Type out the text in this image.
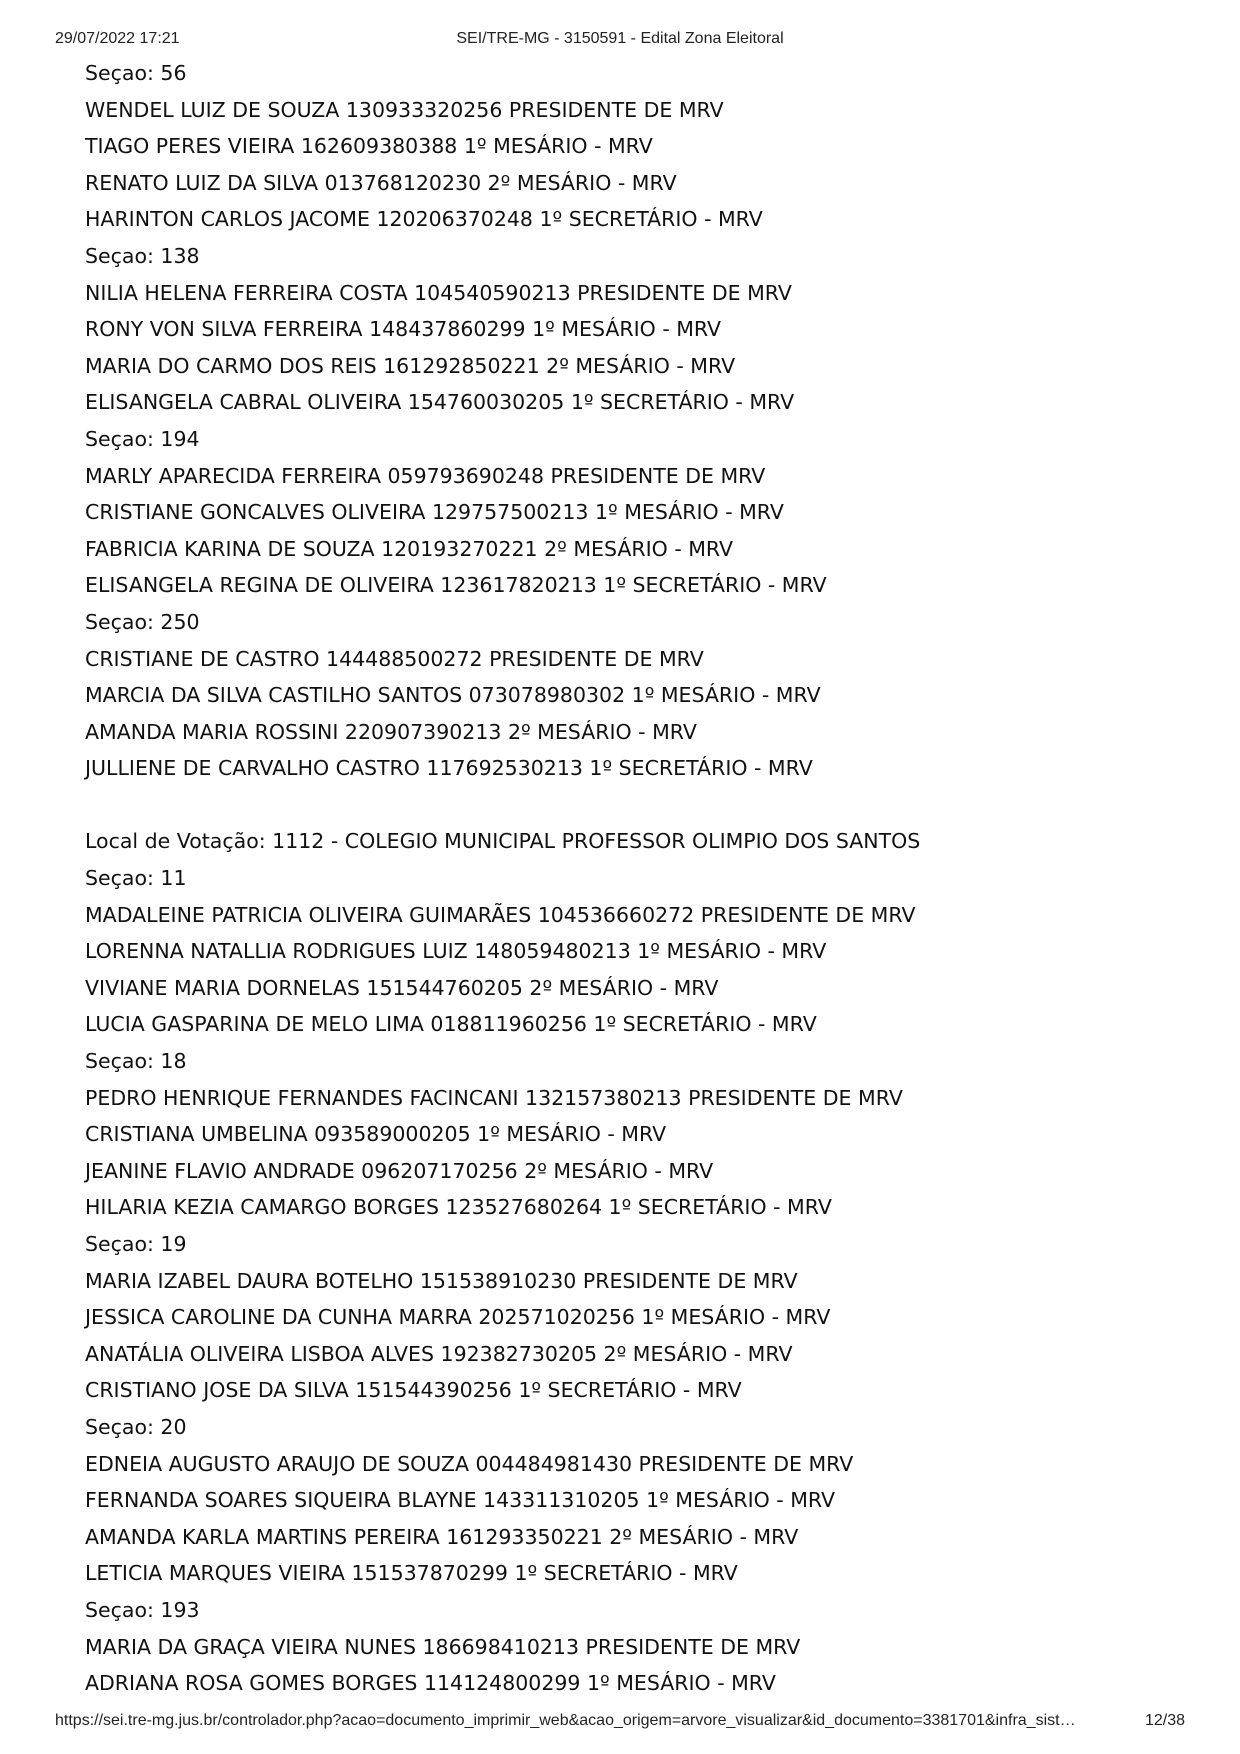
29/07/2022 17:21	SEI/TRE-MG - 3150591 - Edital Zona Eleitoral
Seçao: 56
WENDEL LUIZ DE SOUZA 130933320256 PRESIDENTE DE MRV
TIAGO PERES VIEIRA 162609380388 1º MESÁRIO - MRV
RENATO LUIZ DA SILVA 013768120230 2º MESÁRIO - MRV
HARINTON CARLOS JACOME 120206370248 1º SECRETÁRIO - MRV
Seçao: 138
NILIA HELENA FERREIRA COSTA 104540590213 PRESIDENTE DE MRV
RONY VON SILVA FERREIRA 148437860299 1º MESÁRIO - MRV
MARIA DO CARMO DOS REIS 161292850221 2º MESÁRIO - MRV
ELISANGELA CABRAL OLIVEIRA 154760030205 1º SECRETÁRIO - MRV
Seçao: 194
MARLY APARECIDA FERREIRA 059793690248 PRESIDENTE DE MRV
CRISTIANE GONCALVES OLIVEIRA 129757500213 1º MESÁRIO - MRV
FABRICIA KARINA DE SOUZA 120193270221 2º MESÁRIO - MRV
ELISANGELA REGINA DE OLIVEIRA 123617820213 1º SECRETÁRIO - MRV
Seçao: 250
CRISTIANE DE CASTRO 144488500272 PRESIDENTE DE MRV
MARCIA DA SILVA CASTILHO SANTOS 073078980302 1º MESÁRIO - MRV
AMANDA MARIA ROSSINI 220907390213 2º MESÁRIO - MRV
JULLIENE DE CARVALHO CASTRO 117692530213 1º SECRETÁRIO - MRV
Local de Votação: 1112 - COLEGIO MUNICIPAL PROFESSOR OLIMPIO DOS SANTOS
Seçao: 11
MADALEINE PATRICIA OLIVEIRA GUIMARÃES 104536660272 PRESIDENTE DE MRV
LORENNA NATALLIA RODRIGUES LUIZ 148059480213 1º MESÁRIO - MRV
VIVIANE MARIA DORNELAS 151544760205 2º MESÁRIO - MRV
LUCIA GASPARINA DE MELO LIMA 018811960256 1º SECRETÁRIO - MRV
Seçao: 18
PEDRO HENRIQUE FERNANDES FACINCANI 132157380213 PRESIDENTE DE MRV
CRISTIANA UMBELINA 093589000205 1º MESÁRIO - MRV
JEANINE FLAVIO ANDRADE 096207170256 2º MESÁRIO - MRV
HILARIA KEZIA CAMARGO BORGES 123527680264 1º SECRETÁRIO - MRV
Seçao: 19
MARIA IZABEL DAURA BOTELHO 151538910230 PRESIDENTE DE MRV
JESSICA CAROLINE DA CUNHA MARRA 202571020256 1º MESÁRIO - MRV
ANATÁLIA OLIVEIRA LISBOA ALVES 192382730205 2º MESÁRIO - MRV
CRISTIANO JOSE DA SILVA 151544390256 1º SECRETÁRIO - MRV
Seçao: 20
EDNEIA AUGUSTO ARAUJO DE SOUZA 004484981430 PRESIDENTE DE MRV
FERNANDA SOARES SIQUEIRA BLAYNE 143311310205 1º MESÁRIO - MRV
AMANDA KARLA MARTINS PEREIRA 161293350221 2º MESÁRIO - MRV
LETICIA MARQUES VIEIRA 151537870299 1º SECRETÁRIO - MRV
Seçao: 193
MARIA DA GRAÇA VIEIRA NUNES 186698410213 PRESIDENTE DE MRV
ADRIANA ROSA GOMES BORGES 114124800299 1º MESÁRIO - MRV
https://sei.tre-mg.jus.br/controlador.php?acao=documento_imprimir_web&acao_origem=arvore_visualizar&id_documento=3381701&infra_sist…	12/38
